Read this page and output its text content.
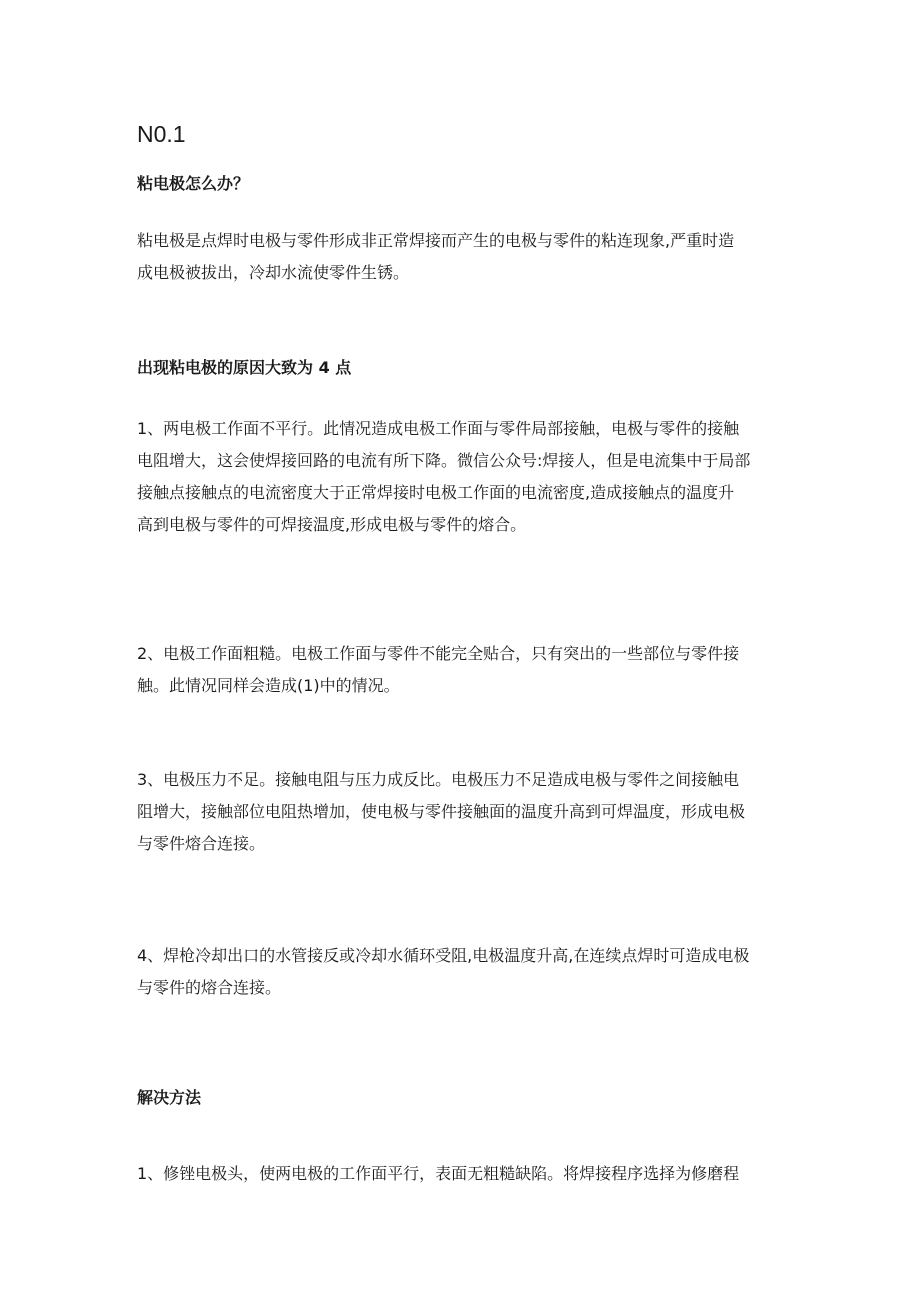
N0.1
粘电极怎么办？

粘电极是点焊时电极与零件形成非正常焊接而产生的电极与零件的粘连现象,严重时造
成电极被拔出，冷却水流使零件生锈。

出现粘电极的原因大致为 4 点

1、两电极工作面不平行。此情况造成电极工作面与零件局部接触，电极与零件的接触
电阻增大，这会使焊接回路的电流有所下降。微信公众号:焊接人，但是电流集中于局部
接触点接触点的电流密度大于正常焊接时电极工作面的电流密度,造成接触点的温度升
高到电极与零件的可焊接温度,形成电极与零件的熔合。

2、电极工作面粗糙。电极工作面与零件不能完全贴合，只有突出的一些部位与零件接
触。此情况同样会造成(1)中的情况。

3、电极压力不足。接触电阻与压力成反比。电极压力不足造成电极与零件之间接触电
阻增大，接触部位电阻热增加，使电极与零件接触面的温度升高到可焊温度，形成电极
与零件熔合连接。

4、焊枪冷却出口的水管接反或冷却水循环受阻,电极温度升高,在连续点焊时可造成电极
与零件的熔合连接。

解决方法

1、修锉电极头，使两电极的工作面平行，表面无粗糙缺陷。将焊接程序选择为修磨程
